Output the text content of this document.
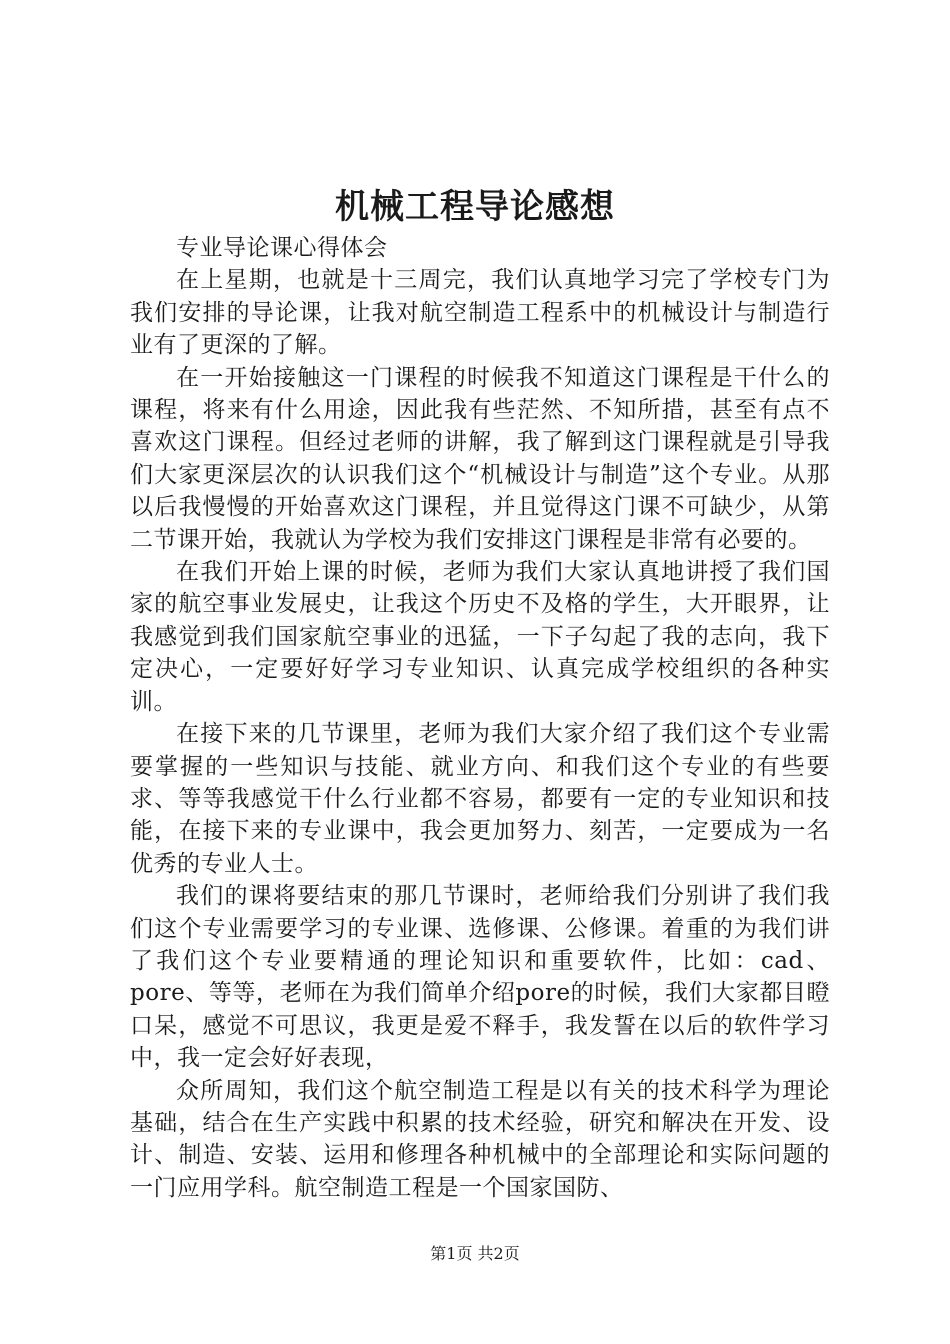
机械工程导论感想

专业导论课心得体会

在上星期，也就是十三周完，我们认真地学习完了学校专门为我们安排的导论课，让我对航空制造工程系中的机械设计与制造行业有了更深的了解。

在一开始接触这一门课程的时候我不知道这门课程是干什么的课程，将来有什么用途，因此我有些茫然、不知所措，甚至有点不喜欢这门课程。但经过老师的讲解，我了解到这门课程就是引导我们大家更深层次的认识我们这个“机械设计与制造”这个专业。从那以后我慢慢的开始喜欢这门课程，并且觉得这门课不可缺少，从第二节课开始，我就认为学校为我们安排这门课程是非常有必要的。

在我们开始上课的时候，老师为我们大家认真地讲授了我们国家的航空事业发展史，让我这个历史不及格的学生，大开眼界，让我感觉到我们国家航空事业的迅猛，一下子勾起了我的志向，我下定决心，一定要好好学习专业知识、认真完成学校组织的各种实训。

在接下来的几节课里，老师为我们大家介绍了我们这个专业需要掌握的一些知识与技能、就业方向、和我们这个专业的有些要求、等等我感觉干什么行业都不容易，都要有一定的专业知识和技能，在接下来的专业课中，我会更加努力、刻苦，一定要成为一名优秀的专业人士。

我们的课将要结束的那几节课时，老师给我们分别讲了我们我们这个专业需要学习的专业课、选修课、公修课。着重的为我们讲了我们这个专业要精通的理论知识和重要软件，比如：cad、pore、等等，老师在为我们简单介绍pore的时候，我们大家都目瞪口呆，感觉不可思议，我更是爱不释手，我发誓在以后的软件学习中，我一定会好好表现，

众所周知，我们这个航空制造工程是以有关的技术科学为理论基础，结合在生产实践中积累的技术经验，研究和解决在开发、设计、制造、安装、运用和修理各种机械中的全部理论和实际问题的一门应用学科。航空制造工程是一个国家国防、

第1页 共2页
